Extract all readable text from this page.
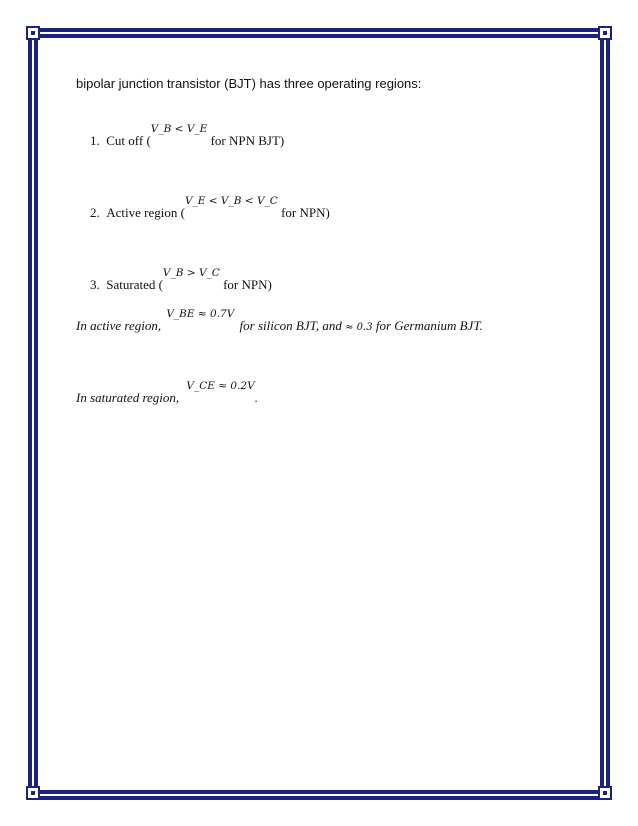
bipolar junction transistor (BJT) has three operating regions:
1. Cut off ($^{V\_B < V\_E}$ for NPN BJT)
2. Active region ($^{V\_E < V\_B < V\_C}$ for NPN)
3. Saturated ($^{V\_B > V\_C}$ for NPN)
In active region, $^{V\_BE \approx 0.7V}$ for silicon BJT, and ≈ 0.3 for Germanium BJT.
In saturated region, $^{V\_CE \approx 0.2V}$.
